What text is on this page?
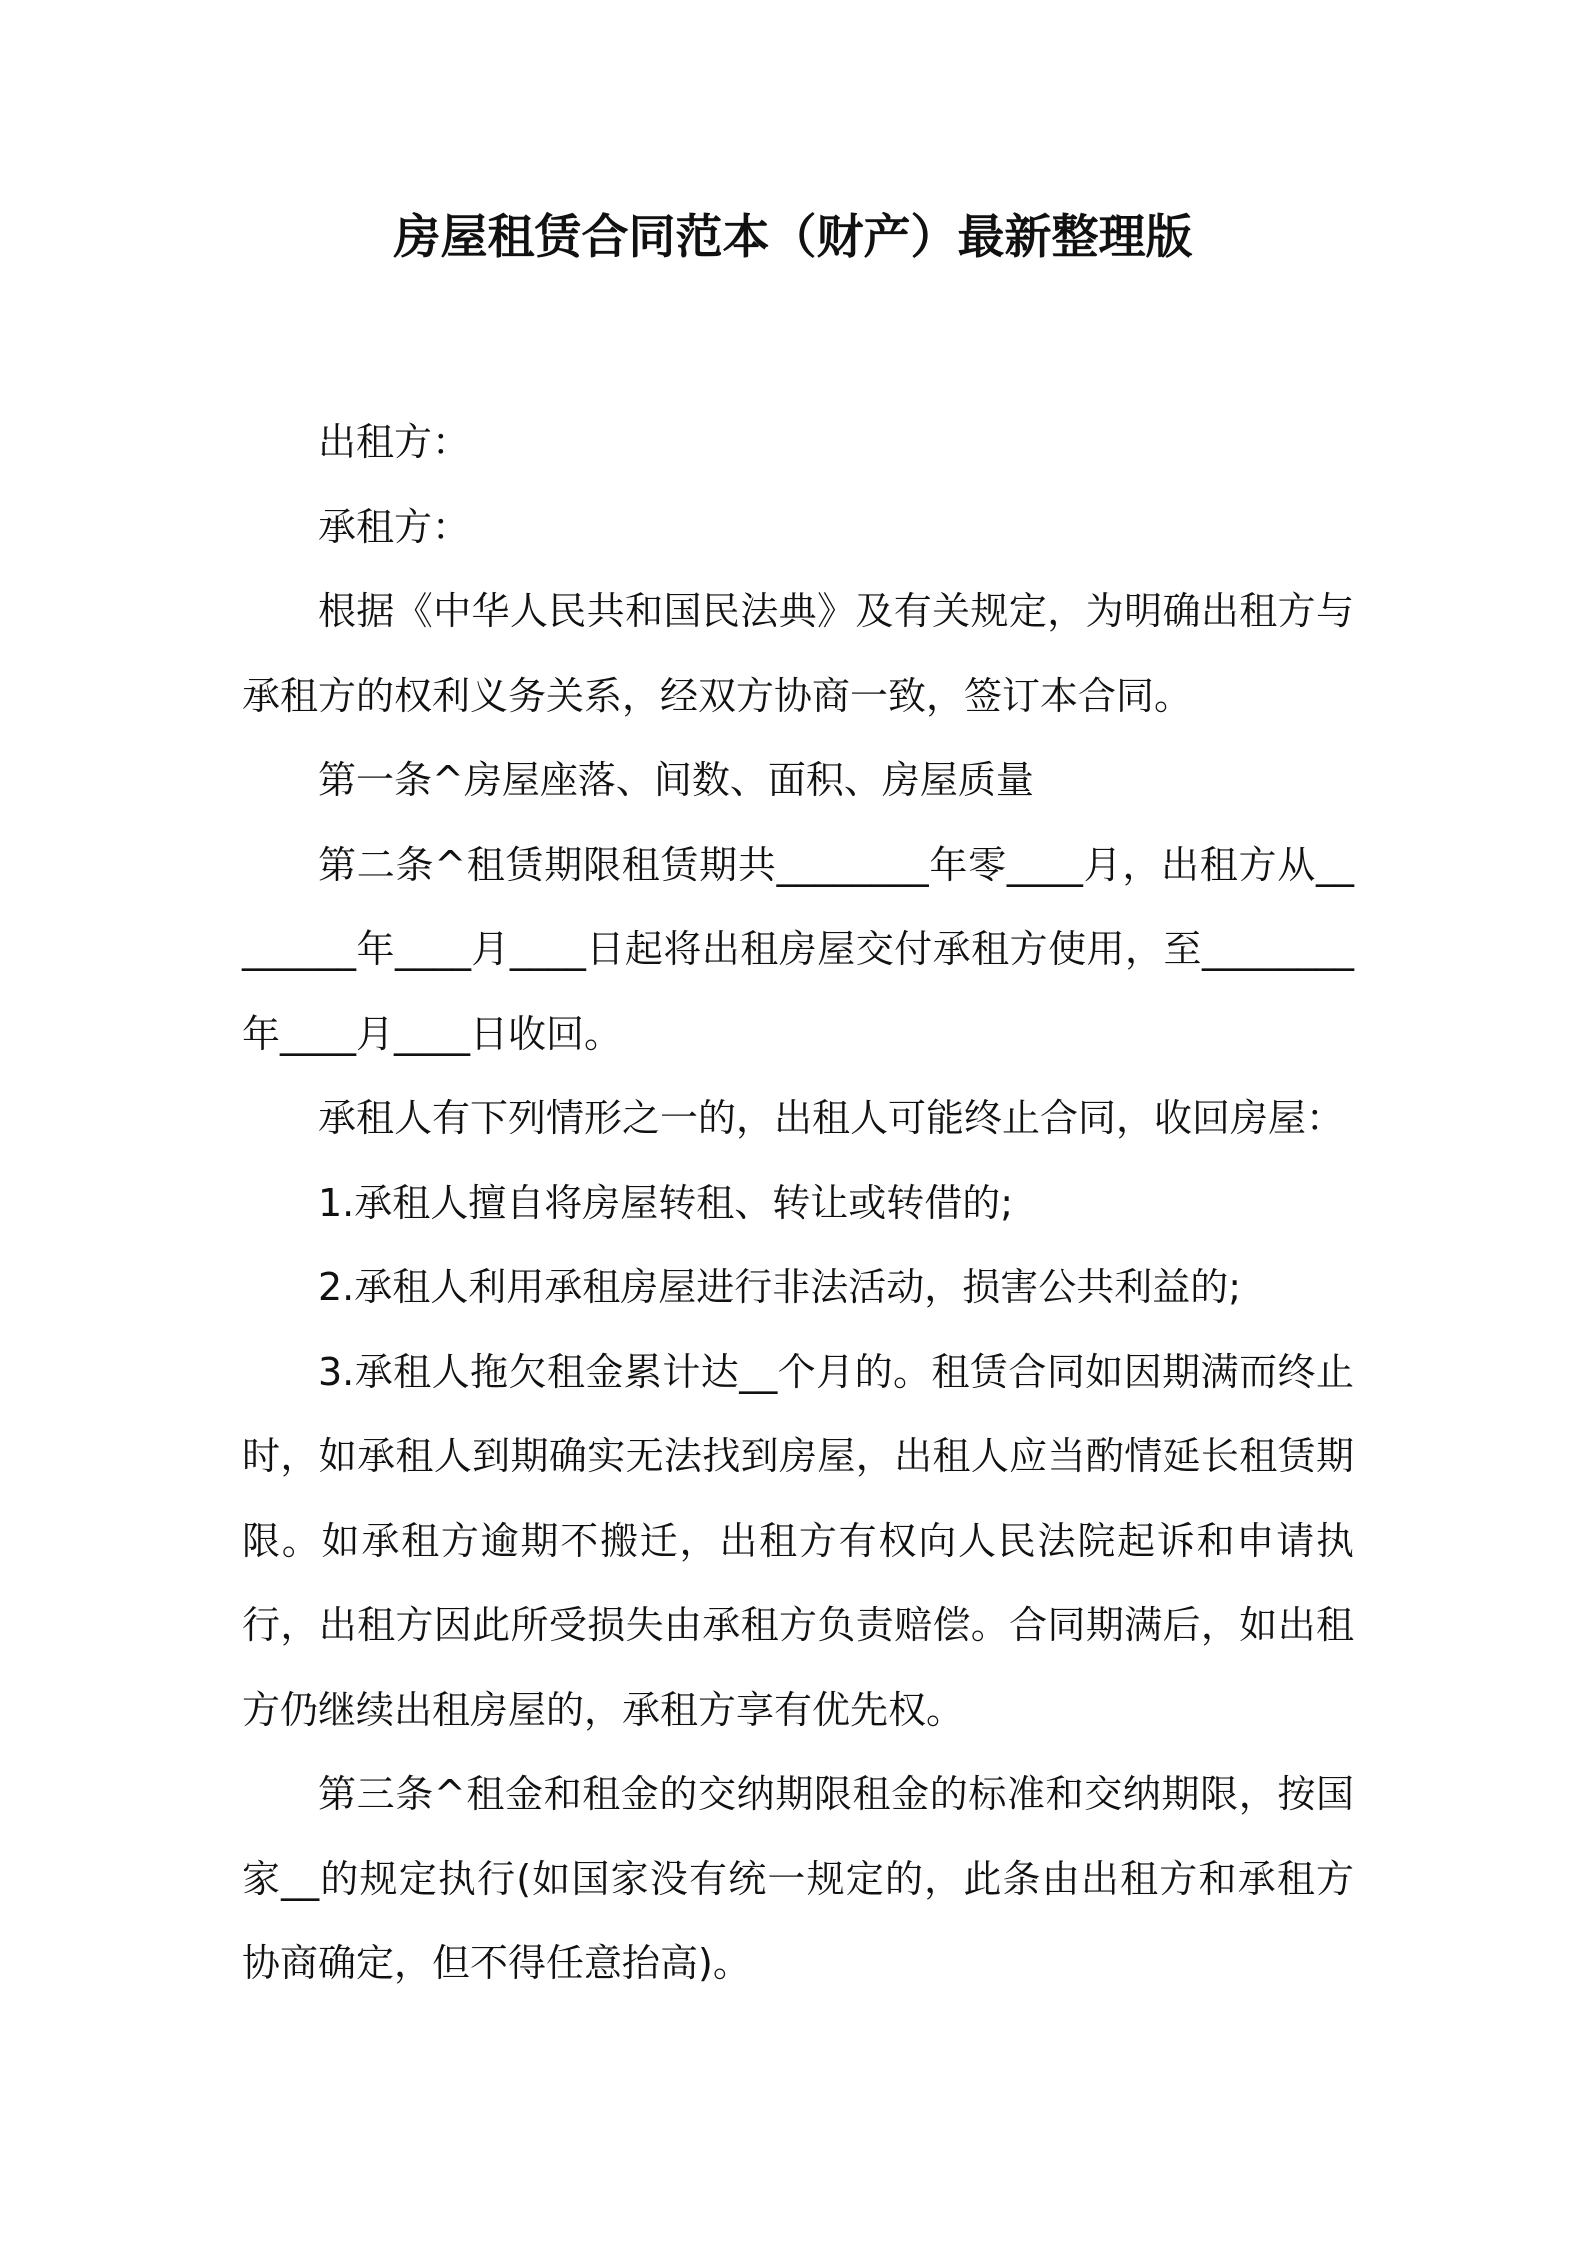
房屋租赁合同范本（财产）最新整理版

出租方：

承租方：

根据《中华人民共和国民法典》及有关规定，为明确出租方与承租方的权利义务关系，经双方协商一致，签订本合同。

第一条^房屋座落、间数、面积、房屋质量

第二条^租赁期限租赁期共________年零____月，出租方从________年____月____日起将出租房屋交付承租方使用，至________年____月____日收回。

承租人有下列情形之一的，出租人可能终止合同，收回房屋：

1.承租人擅自将房屋转租、转让或转借的;

2.承租人利用承租房屋进行非法活动，损害公共利益的;

3.承租人拖欠租金累计达__个月的。租赁合同如因期满而终止时，如承租人到期确实无法找到房屋，出租人应当酌情延长租赁期限。如承租方逾期不搬迁，出租方有权向人民法院起诉和申请执行，出租方因此所受损失由承租方负责赔偿。合同期满后，如出租方仍继续出租房屋的，承租方享有优先权。

第三条^租金和租金的交纳期限租金的标准和交纳期限，按国家__的规定执行(如国家没有统一规定的，此条由出租方和承租方协商确定，但不得任意抬高)。
